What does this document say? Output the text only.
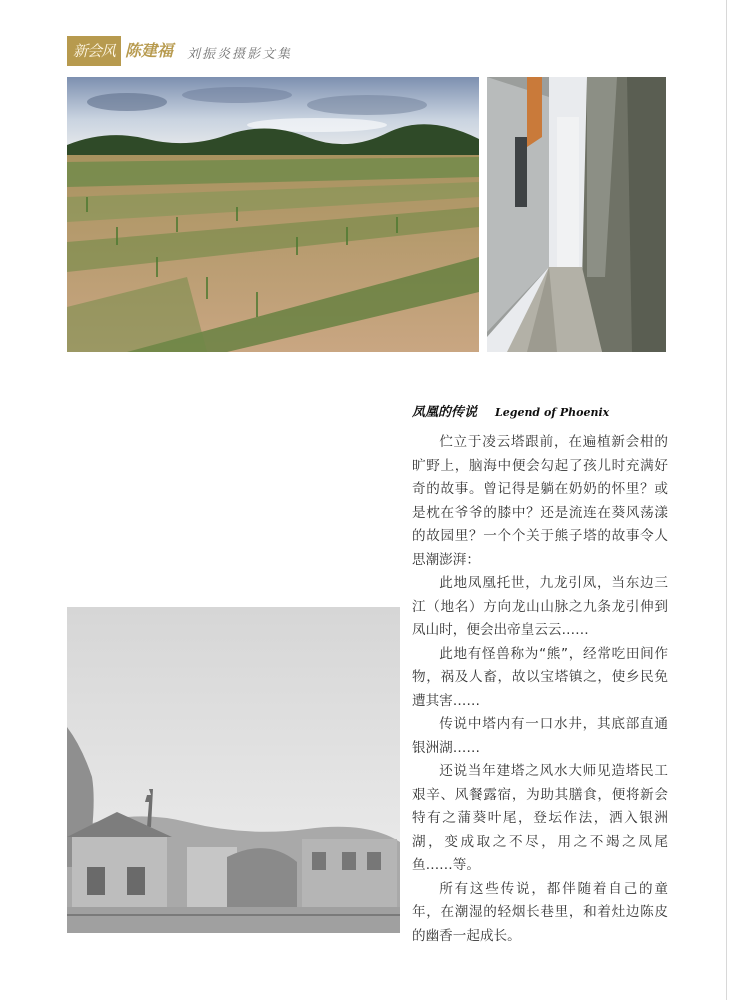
新会风 陈建福 刘振炎摄影文集
凤凰的传说 Legend of Phoenix

伫立于凌云塔跟前，在遍植新会柑的旷野上，脑海中便会勾起了孩儿时充满好奇的故事。曾记得是躺在奶奶的怀里？或是枕在爷爷的膝中？还是流连在葵风荡漾的故园里？一个个关于熊子塔的故事令人思潮澎湃：

此地凤凰托世，九龙引凤，当东边三江（地名）方向龙山山脉之九条龙引伸到凤山时，便会出帝皇云云……

此地有怪兽称为“熊”，经常吃田间作物，祸及人畜，故以宝塔镇之，使乡民免遭其害……

传说中塔内有一口水井，其底部直通银洲湖……

还说当年建塔之风水大师见造塔民工艰辛、风餐露宿，为助其膳食，便将新会特有之蒲葵叶尾，登坛作法，洒入银洲湖，变成取之不尽，用之不竭之凤尾鱼……等。

所有这些传说，都伴随着自己的童年，在潮湿的轻烟长巷里，和着灶边陈皮的幽香一起成长。
